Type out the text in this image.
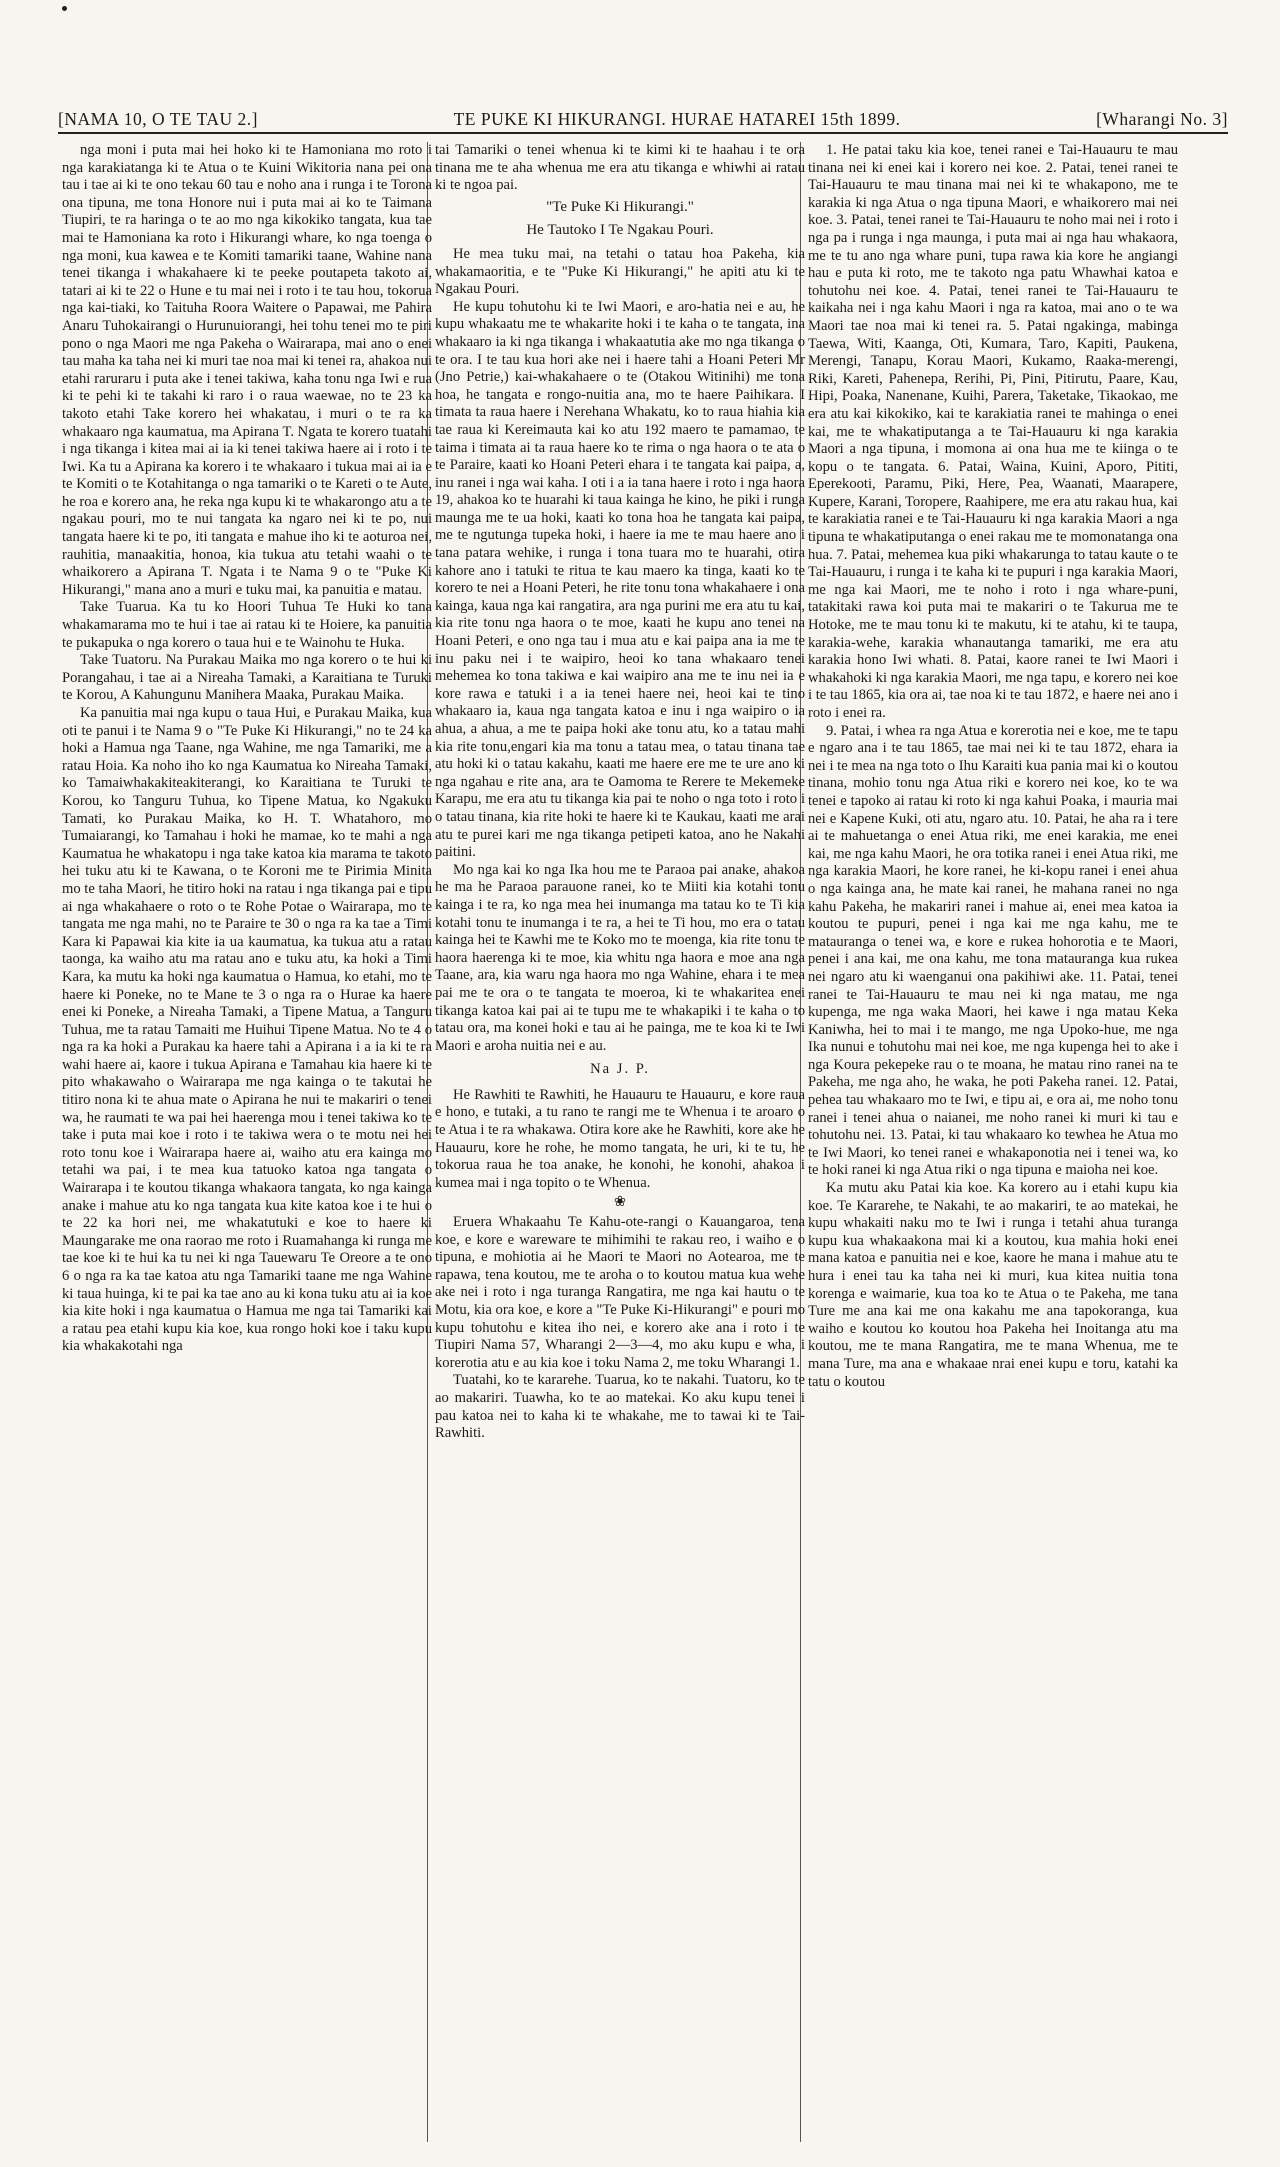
[NAMA 10, O TE TAU 2.]	TE PUKE KI HIKURANGI. HURAE HATAREI 15th 1899.	[Wharangi No. 3]

nga moni i puta mai hei hoko ki te Hamoniana mo roto i nga karakiatanga ki te Atua o te Kuini Wikitoria nana pei ona tau i tae ai ki te ono tekau 60 tau e noho ana i runga i te Torona ona tipuna, me tona Honore nui i puta mai ai ko te Taimana Tiupiri, te ra haringa o te ao mo nga kikokiko tangata, kua tae mai te Hamoniana ka roto i Hikurangi whare, ko nga toenga o nga moni, kua kawea e te Komiti tamariki taane, Wahine nana tenei tikanga i whakahaere ki te peeke poutapeta takoto ai, tatari ai ki te 22 o Hune e tu mai nei i roto i te tau hou, tokorua nga kai-tiaki, ko Taituha Roora Waitere o Papawai, me Pahira Anaru Tuhokairangi o Hurunuiorangi, hei tohu tenei mo te piri pono o nga Maori me nga Pakeha o Wairarapa, mai ano o enei tau maha ka taha nei ki muri tae noa mai ki tenei ra, ahakoa nui etahi raruraru i puta ake i tenei takiwa, kaha tonu nga Iwi e rua ki te pehi ki te takahi ki raro i o raua waewae, no te 23 ka takoto etahi Take korero hei whakatau, i muri o te ra ka whakaaro nga kaumatua, ma Apirana T. Ngata te korero tuatahi i nga tikanga i kitea mai ai ia ki tenei takiwa haere ai i roto i te Iwi. Ka tu a Apirana ka korero i te whakaaro i tukua mai ai ia e te Komiti o te Kotahitanga o nga tamariki o te Kareti o te Aute, he roa e korero ana, he reka nga kupu ki te whakarongo atu a te ngakau pouri, mo te nui tangata ka ngaro nei ki te po, nui tangata haere ki te po, iti tangata e mahue iho ki te aoturoa nei, rauhitia, manaakitia, honoa, kia tukua atu tetahi waahi o te whaikorero a Apirana T. Ngata i te Nama 9 o te "Puke Ki Hikurangi," mana ano a muri e tuku mai, ka panuitia e matau.

Take Tuarua. Ka tu ko Hoori Tuhua Te Huki ko tana whakamarama mo te hui i tae ai ratau ki te Hoiere, ka panuitia te pukapuka o nga korero o taua hui e te Wainohu te Huka.

Take Tuatoru. Na Purakau Maika mo nga korero o te hui ki Porangahau, i tae ai a Nireaha Tamaki, a Karaitiana te Turuki te Korou, A Kahungunu Manihera Maaka, Purakau Maika.

Ka panuitia mai nga kupu o taua Hui, e Purakau Maika, kua oti te panui i te Nama 9 o "Te Puke Ki Hikurangi," no te 24 ka hoki a Hamua nga Taane, nga Wahine, me nga Tamariki, me a ratau Hoia. Ka noho iho ko nga Kaumatua ko Nireaha Tamaki, ko Tamaiwhakakiteakiterangi, ko Karaitiana te Turuki te Korou, ko Tanguru Tuhua, ko Tipene Matua, ko Ngakuku Tamati, ko Purakau Maika, ko H. T. Whatahoro, mo Tumaiarangi, ko Tamahau i hoki he mamae, ko te mahi a nga Kaumatua he whakatopu i nga take katoa kia marama te takoto hei tuku atu ki te Kawana, o te Koroni me te Pirimia Minita mo te taha Maori, he titiro hoki na ratau i nga tikanga pai e tipu ai nga whakahaere o roto o te Rohe Potae o Wairarapa, mo te tangata me nga mahi, no te Paraire te 30 o nga ra ka tae a Timi Kara ki Papawai kia kite ia ua kaumatua, ka tukua atu a ratau taonga, ka waiho atu ma ratau ano e tuku atu, ka hoki a Timi Kara, ka mutu ka hoki nga kaumatua o Hamua, ko etahi, mo te haere ki Poneke, no te Mane te 3 o nga ra o Hurae ka haere enei ki Poneke, a Nireaha Tamaki, a Tipene Matua, a Tanguru Tuhua, me ta ratau Tamaiti me Huihui Tipene Matua. No te 4 o nga ra ka hoki a Purakau ka haere tahi a Apirana i a ia ki te ra wahi haere ai, kaore i tukua Apirana e Tamahau kia haere ki te pito whakawaho o Wairarapa me nga kainga o te takutai he titiro nona ki te ahua mate o Apirana he nui te makariri o tenei wa, he raumati te wa pai hei haerenga mou i tenei takiwa ko te take i puta mai koe i roto i te takiwa wera o te motu nei hei roto tonu koe i Wairarapa haere ai, waiho atu era kainga mo tetahi wa pai, i te mea kua tatuoko katoa nga tangata o Wairarapa i te koutou tikanga whakaora tangata, ko nga kainga anake i mahue atu ko nga tangata kua kite katoa koe i te hui o te 22 ka hori nei, me whakatutuki e koe to haere ki Maungarake me ona raorao me roto i Ruamahanga ki runga me tae koe ki te hui ka tu nei ki nga Tauewaru Te Oreore a te ono 6 o nga ra ka tae katoa atu nga Tamariki taane me nga Wahine ki taua huinga, ki te pai ka tae ano au ki kona tuku atu ai ia koe kia kite hoki i nga kaumatua o Hamua me nga tai Tamariki kai a ratau pea etahi kupu kia koe, kua rongo hoki koe i taku kupu kia whakakotahi nga

tai Tamariki o tenei whenua ki te kimi ki te haahau i te ora tinana me te aha whenua me era atu tikanga e whiwhi ai ratau ki te ngoa pai.

"Te Puke Ki Hikurangi."

He Tautoko I Te Ngakau Pouri.

He mea tuku mai, na tetahi o tatau hoa Pakeha, kia whakamaoritia, e te "Puke Ki Hikurangi," he apiti atu ki te Ngakau Pouri.

He kupu tohutohu ki te Iwi Maori, e aro-hatia nei e au, he kupu whakaatu me te whakarite hoki i te kaha o te tangata, ina whakaaro ia ki nga tikanga i whakaatutia ake mo nga tikanga o te ora. I te tau kua hori ake nei i haere tahi a Hoani Peteri Mr (Jno Petrie,) kai-whakahaere o te (Otakou Witinihi) me tona hoa, he tangata e rongo-nuitia ana, mo te haere Paihikara. I timata ta raua haere i Nerehana Whakatu, ko to raua hiahia kia tae raua ki Kereimauta kai ko atu 192 maero te pamamao, te taima i timata ai ta raua haere ko te rima o nga haora o te ata o te Paraire, kaati ko Hoani Peteri ehara i te tangata kai paipa, a, inu ranei i nga wai kaha. I oti i a ia tana haere i roto i nga haora 19, ahakoa ko te huarahi ki taua kainga he kino, he piki i runga maunga me te ua hoki, kaati ko tona hoa he tangata kai paipa, me te ngutunga tupeka hoki, i haere ia me te mau haere ano i tana patara wehike, i runga i tona tuara mo te huarahi, otira kahore ano i tatuki te ritua te kau maero ka tinga, kaati ko te korero te nei a Hoani Peteri, he rite tonu tona whakahaere i ona kainga, kaua nga kai rangatira, ara nga purini me era atu tu kai, kia rite tonu nga haora o te moe, kaati he kupu ano tenei na Hoani Peteri, e ono nga tau i mua atu e kai paipa ana ia me te inu paku nei i te waipiro, heoi ko tana whakaaro tenei mehemea ko tona takiwa e kai waipiro ana me te inu nei ia e kore rawa e tatuki i a ia tenei haere nei, heoi kai te tino whakaaro ia, kaua nga tangata katoa e inu i nga waipiro o ia ahua, a ahua, a me te paipa hoki ake tonu atu, ko a tatau mahi kia rite tonu,engari kia ma tonu a tatau mea, o tatau tinana tae atu hoki ki o tatau kakahu, kaati me haere ere me te ure ano ki nga ngahau e rite ana, ara te Oamoma te Rerere te Mekemeke Karapu, me era atu tu tikanga kia pai te noho o nga toto i roto i o tatau tinana, kia rite hoki te haere ki te Kaukau, kaati me arai atu te purei kari me nga tikanga petipeti katoa, ano he Nakahi paitini.

Mo nga kai ko nga Ika hou me te Paraoa pai anake, ahakoa he ma he Paraoa parauone ranei, ko te Miiti kia kotahi tonu kainga i te ra, ko nga mea hei inumanga ma tatau ko te Ti kia kotahi tonu te inumanga i te ra, a hei te Ti hou, mo era o tatau kainga hei te Kawhi me te Koko mo te moenga, kia rite tonu te haora haerenga ki te moe, kia whitu nga haora e moe ana nga Taane, ara, kia waru nga haora mo nga Wahine, ehara i te mea pai me te ora o te tangata te moeroa, ki te whakaritea enei tikanga katoa kai pai ai te tupu me te whakapiki i te kaha o to tatau ora, ma konei hoki e tau ai he painga, me te koa ki te Iwi Maori e aroha nuitia nei e au.

Na J. P.

He Rawhiti te Rawhiti, he Hauauru te Hauauru, e kore raua e hono, e tutaki, a tu rano te rangi me te Whenua i te aroaro o te Atua i te ra whakawa. Otira kore ake he Rawhiti, kore ake he Hauauru, kore he rohe, he momo tangata, he uri, ki te tu, he tokorua raua he toa anake, he konohi, he konohi, ahakoa i kumea mai i nga topito o te Whenua.

❀

Eruera Whakaahu Te Kahu-ote-rangi o Kauangaroa, tena koe, e kore e wareware te mihimihi te rakau reo, i waiho e o tipuna, e mohiotia ai he Maori te Maori no Aotearoa, me te rapawa, tena koutou, me te aroha o to koutou matua kua wehe ake nei i roto i nga turanga Rangatira, me nga kai hautu o te Motu, kia ora koe, e kore a "Te Puke Ki-Hikurangi" e pouri mo kupu tohutohu e kitea iho nei, e korero ake ana i roto i te Tiupiri Nama 57, Wharangi 2—3—4, mo aku kupu e wha, i korerotia atu e au kia koe i toku Nama 2, me toku Wharangi 1.

Tuatahi, ko te kararehe. Tuarua, ko te nakahi. Tuatoru, ko te ao makariri. Tuawha, ko te ao matekai. Ko aku kupu tenei i pau katoa nei to kaha ki te whakahe, me to tawai ki te Tai-Rawhiti.

1. He patai taku kia koe, tenei ranei e Tai-Hauauru te mau tinana nei ki enei kai i korero nei koe. 2. Patai, tenei ranei te Tai-Hauauru te mau tinana mai nei ki te whakapono, me te karakia ki nga Atua o nga tipuna Maori, e whaikorero mai nei koe. 3. Patai, tenei ranei te Tai-Hauauru te noho mai nei i roto i nga pa i runga i nga maunga, i puta mai ai nga hau whakaora, me te tu ano nga whare puni, tupa rawa kia kore he angiangi hau e puta ki roto, me te takoto nga patu Whawhai katoa e tohutohu nei koe. 4. Patai, tenei ranei te Tai-Hauauru te kaikaha nei i nga kahu Maori i nga ra katoa, mai ano o te wa Maori tae noa mai ki tenei ra. 5. Patai ngakinga, mabinga Taewa, Witi, Kaanga, Oti, Kumara, Taro, Kapiti, Paukena, Merengi, Tanapu, Korau Maori, Kukamo, Raaka-merengi, Riki, Kareti, Pahenepa, Rerihi, Pi, Pini, Pitirutu, Paare, Kau, Hipi, Poaka, Nanenane, Kuihi, Parera, Taketake, Tikaokao, me era atu kai kikokiko, kai te karakiatia ranei te mahinga o enei kai, me te whakatiputanga a te Tai-Hauauru ki nga karakia Maori a nga tipuna, i momona ai ona hua me te kiinga o te kopu o te tangata. 6. Patai, Waina, Kuini, Aporo, Pititi, Eperekooti, Paramu, Piki, Here, Pea, Waanati, Maarapere, Kupere, Karani, Toropere, Raahipere, me era atu rakau hua, kai te karakiatia ranei e te Tai-Hauauru ki nga karakia Maori a nga tipuna te whakatiputanga o enei rakau me te momonatanga ona hua. 7. Patai, mehemea kua piki whakarunga to tatau kaute o te Tai-Hauauru, i runga i te kaha ki te pupuri i nga karakia Maori, me nga kai Maori, me te noho i roto i nga whare-puni, tatakitaki rawa koi puta mai te makariri o te Takurua me te Hotoke, me te mau tonu ki te makutu, ki te atahu, ki te taupa, karakia-wehe, karakia whanautanga tamariki, me era atu karakia hono Iwi whati. 8. Patai, kaore ranei te Iwi Maori i whakahoki ki nga karakia Maori, me nga tapu, e korero nei koe i te tau 1865, kia ora ai, tae noa ki te tau 1872, e haere nei ano i roto i enei ra.

9. Patai, i whea ra nga Atua e korerotia nei e koe, me te tapu e ngaro ana i te tau 1865, tae mai nei ki te tau 1872, ehara ia nei i te mea na nga toto o Ihu Karaiti kua pania mai ki o koutou tinana, mohio tonu nga Atua riki e korero nei koe, ko te wa tenei e tapoko ai ratau ki roto ki nga kahui Poaka, i mauria mai nei e Kapene Kuki, oti atu, ngaro atu. 10. Patai, he aha ra i tere ai te mahuetanga o enei Atua riki, me enei karakia, me enei kai, me nga kahu Maori, he ora totika ranei i enei Atua riki, me nga karakia Maori, he kore ranei, he ki-kopu ranei i enei ahua o nga kainga ana, he mate kai ranei, he mahana ranei no nga kahu Pakeha, he makariri ranei i mahue ai, enei mea katoa ia koutou te pupuri, penei i nga kai me nga kahu, me te matauranga o tenei wa, e kore e rukea hohorotia e te Maori, penei i ana kai, me ona kahu, me tona matauranga kua rukea nei ngaro atu ki waenganui ona pakihiwi ake. 11. Patai, tenei ranei te Tai-Hauauru te mau nei ki nga matau, me nga kupenga, me nga waka Maori, hei kawe i nga matau Keka Kaniwha, hei to mai i te mango, me nga Upoko-hue, me nga Ika nunui e tohutohu mai nei koe, me nga kupenga hei to ake i nga Koura pekepeke rau o te moana, he matau rino ranei na te Pakeha, me nga aho, he waka, he poti Pakeha ranei. 12. Patai, pehea tau whakaaro mo te Iwi, e tipu ai, e ora ai, me noho tonu ranei i tenei ahua o naianei, me noho ranei ki muri ki tau e tohutohu nei. 13. Patai, ki tau whakaaro ko tewhea he Atua mo te Iwi Maori, ko tenei ranei e whakaponotia nei i tenei wa, ko te hoki ranei ki nga Atua riki o nga tipuna e maioha nei koe.

Ka mutu aku Patai kia koe. Ka korero au i etahi kupu kia koe. Te Kararehe, te Nakahi, te ao makariri, te ao matekai, he kupu whakaiti naku mo te Iwi i runga i tetahi ahua turanga kupu kua whakaakona mai ki a koutou, kua mahia hoki enei mana katoa e panuitia nei e koe, kaore he mana i mahue atu te hura i enei tau ka taha nei ki muri, kua kitea nuitia tona korenga e waimarie, kua toa ko te Atua o te Pakeha, me tana Ture me ana kai me ona kakahu me ana tapokoranga, kua waiho e koutou ko koutou hoa Pakeha hei Inoitanga atu ma koutou, me te mana Rangatira, me te mana Whenua, me te mana Ture, ma ana e whakaae nrai enei kupu e toru, katahi ka tatu o koutou
